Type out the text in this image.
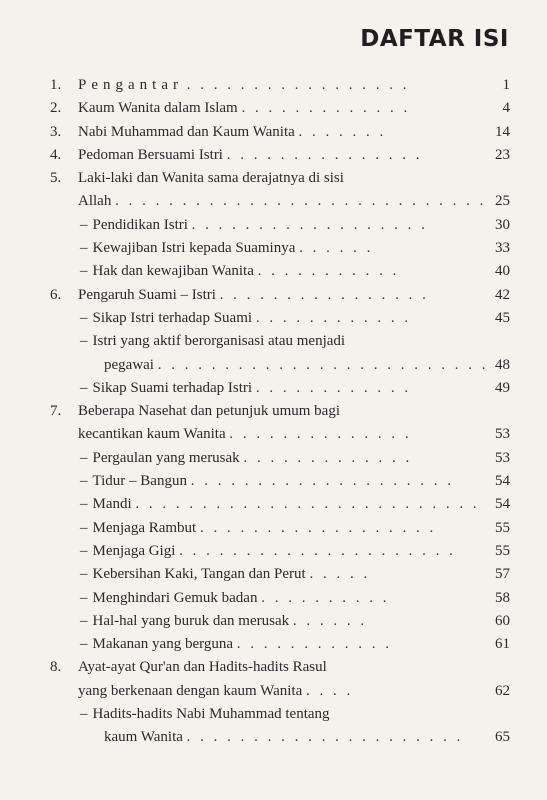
DAFTAR ISI
1. Pengantar . . . . . . . . . . . . . . . . .	1
2. Kaum Wanita dalam Islam . . . . . . . . . . . . .	4
3. Nabi Muhammad dan Kaum Wanita . . . . . . .	14
4. Pedoman Bersuami Istri . . . . . . . . . . . . . . .	23
5. Laki-laki dan Wanita sama derajatnya di sisi
Allah . . . . . . . . . . . . . . . . . . . . . . . . . . . . 25
– Pendidikan Istri . . . . . . . . . . . . . . . . . .	30
– Kewajiban Istri kepada Suaminya . . . . . .	33
– Hak dan kewajiban Wanita . . . . . . . . . . .	40
6. Pengaruh Suami – Istri . . . . . . . . . . . . . . . .	42
– Sikap Istri terhadap Suami . . . . . . . . . . . .	45
– Istri yang aktif berorganisasi atau menjadi
pegawai . . . . . . . . . . . . . . . . . . . . . . . . . 48
– Sikap Suami terhadap Istri . . . . . . . . . . . .	49
7. Beberapa Nasehat dan petunjuk umum bagi
kecantikan kaum Wanita . . . . . . . . . . . . . .	53
– Pergaulan yang merusak . . . . . . . . . . . . .	53
– Tidur – Bangun . . . . . . . . . . . . . . . . . . . .	54
– Mandi . . . . . . . . . . . . . . . . . . . . . . . . . . 54
– Menjaga Rambut . . . . . . . . . . . . . . . . . .	55
– Menjaga Gigi . . . . . . . . . . . . . . . . . . . . .	55
– Kebersihan Kaki, Tangan dan Perut . . . . .	57
– Menghindari Gemuk badan . . . . . . . . . .	58
– Hal-hal yang buruk dan merusak . . . . . .	60
– Makanan yang berguna . . . . . . . . . . . .	61
8. Ayat-ayat Qur'an dan Hadits-hadits Rasul
yang berkenaan dengan kaum Wanita . . . .	62
– Hadits-hadits Nabi Muhammad tentang
kaum Wanita . . . . . . . . . . . . . . . . . . . . . 65
